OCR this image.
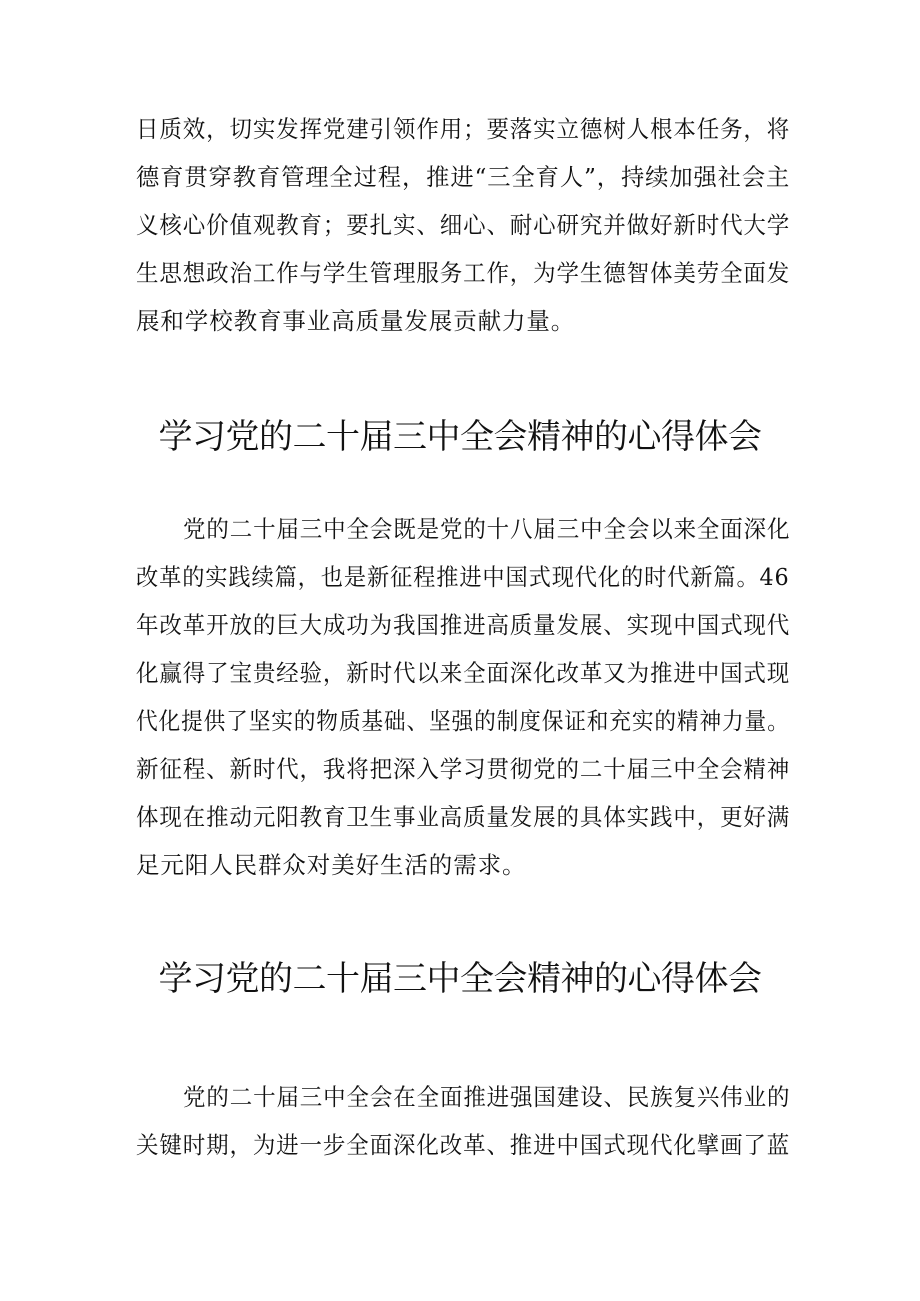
日质效，切实发挥党建引领作用；要落实立德树人根本任务，将
德育贯穿教育管理全过程，推进“三全育人”，持续加强社会主
义核心价值观教育；要扎实、细心、耐心研究并做好新时代大学
生思想政治工作与学生管理服务工作，为学生德智体美劳全面发
展和学校教育事业高质量发展贡献力量。
学习党的二十届三中全会精神的心得体会
党的二十届三中全会既是党的十八届三中全会以来全面深化
改革的实践续篇，也是新征程推进中国式现代化的时代新篇。46
年改革开放的巨大成功为我国推进高质量发展、实现中国式现代
化赢得了宝贵经验，新时代以来全面深化改革又为推进中国式现
代化提供了坚实的物质基础、坚强的制度保证和充实的精神力量。
新征程、新时代，我将把深入学习贯彻党的二十届三中全会精神
体现在推动元阳教育卫生事业高质量发展的具体实践中，更好满
足元阳人民群众对美好生活的需求。
学习党的二十届三中全会精神的心得体会
党的二十届三中全会在全面推进强国建设、民族复兴伟业的
关键时期，为进一步全面深化改革、推进中国式现代化擘画了蓝
